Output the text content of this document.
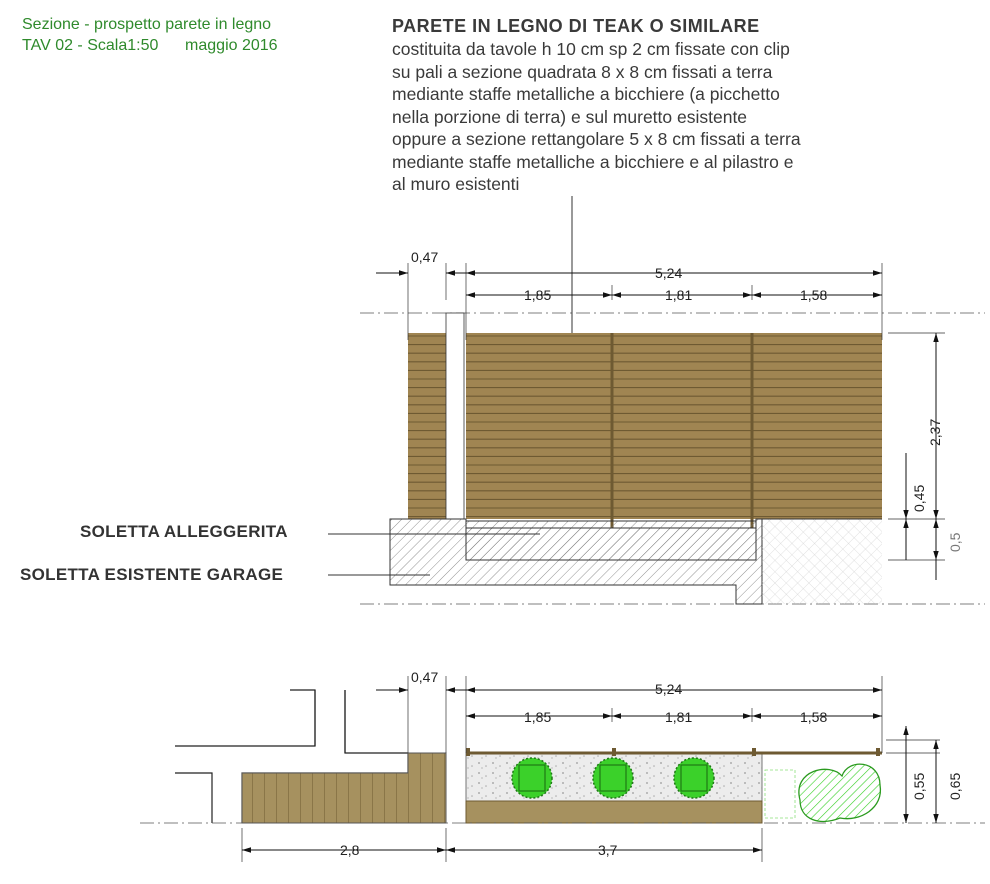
Sezione - prospetto parete in legno
TAV 02 - Scala1:50 maggio 2016
PARETE IN LEGNO DI TEAK O SIMILARE
costituita da tavole h 10 cm sp 2 cm fissate con clip
su pali a sezione quadrata 8 x 8 cm fissati a terra
mediante staffe metalliche a bicchiere (a picchetto
nella porzione di terra) e sul muretto esistente
oppure a sezione rettangolare 5 x 8 cm fissati a terra
mediante staffe metalliche a bicchiere e al pilastro e
al muro esistenti
SOLETTA ALLEGGERITA
SOLETTA ESISTENTE GARAGE
0,47
5,24
1,85	1,81	1,58
2,37
0,45
0,5
0,47
5,24
1,85	1,81	1,58
0,55 0,65
2,8	3,7
